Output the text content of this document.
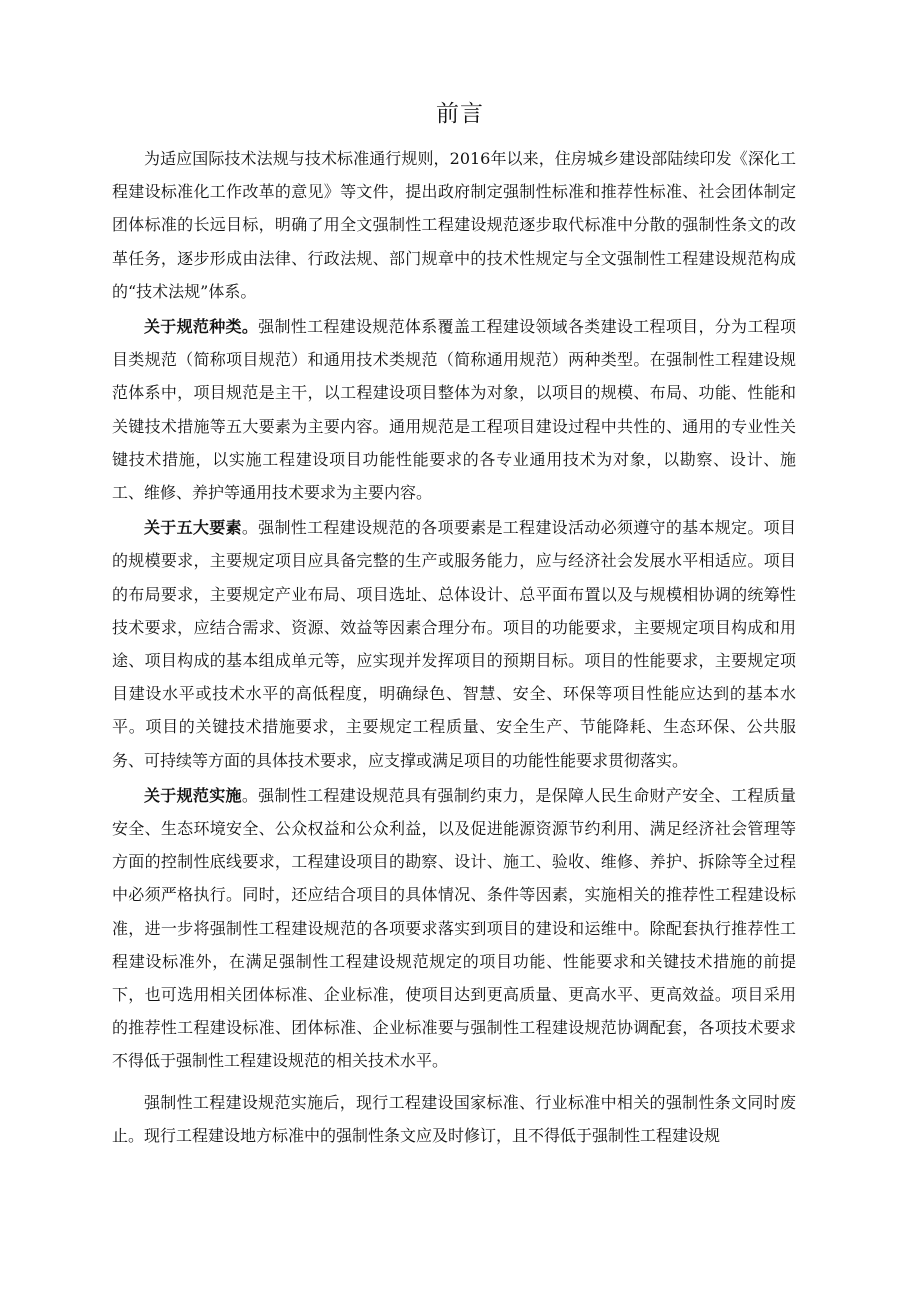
前言

为适应国际技术法规与技术标准通行规则，2016年以来，住房城乡建设部陆续印发《深化工程建设标准化工作改革的意见》等文件，提出政府制定强制性标准和推荐性标准、社会团体制定团体标准的长远目标，明确了用全文强制性工程建设规范逐步取代标准中分散的强制性条文的改革任务，逐步形成由法律、行政法规、部门规章中的技术性规定与全文强制性工程建设规范构成的“技术法规”体系。

关于规范种类。强制性工程建设规范体系覆盖工程建设领域各类建设工程项目，分为工程项目类规范（简称项目规范）和通用技术类规范（简称通用规范）两种类型。在强制性工程建设规范体系中，项目规范是主干，以工程建设项目整体为对象，以项目的规模、布局、功能、性能和关键技术措施等五大要素为主要内容。通用规范是工程项目建设过程中共性的、通用的专业性关键技术措施，以实施工程建设项目功能性能要求的各专业通用技术为对象，以勘察、设计、施工、维修、养护等通用技术要求为主要内容。

关于五大要素。强制性工程建设规范的各项要素是工程建设活动必须遵守的基本规定。项目的规模要求，主要规定项目应具备完整的生产或服务能力，应与经济社会发展水平相适应。项目的布局要求，主要规定产业布局、项目选址、总体设计、总平面布置以及与规模相协调的统筹性技术要求，应结合需求、资源、效益等因素合理分布。项目的功能要求，主要规定项目构成和用途、项目构成的基本组成单元等，应实现并发挥项目的预期目标。项目的性能要求，主要规定项目建设水平或技术水平的高低程度，明确绿色、智慧、安全、环保等项目性能应达到的基本水平。项目的关键技术措施要求，主要规定工程质量、安全生产、节能降耗、生态环保、公共服务、可持续等方面的具体技术要求，应支撑或满足项目的功能性能要求贯彻落实。

关于规范实施。强制性工程建设规范具有强制约束力，是保障人民生命财产安全、工程质量安全、生态环境安全、公众权益和公众利益，以及促进能源资源节约利用、满足经济社会管理等方面的控制性底线要求，工程建设项目的勘察、设计、施工、验收、维修、养护、拆除等全过程中必须严格执行。同时，还应结合项目的具体情况、条件等因素，实施相关的推荐性工程建设标准，进一步将强制性工程建设规范的各项要求落实到项目的建设和运维中。除配套执行推荐性工程建设标准外，在满足强制性工程建设规范规定的项目功能、性能要求和关键技术措施的前提下，也可选用相关团体标准、企业标准，使项目达到更高质量、更高水平、更高效益。项目采用的推荐性工程建设标准、团体标准、企业标准要与强制性工程建设规范协调配套，各项技术要求不得低于强制性工程建设规范的相关技术水平。

强制性工程建设规范实施后，现行工程建设国家标准、行业标准中相关的强制性条文同时废止。现行工程建设地方标准中的强制性条文应及时修订，且不得低于强制性工程建设规
